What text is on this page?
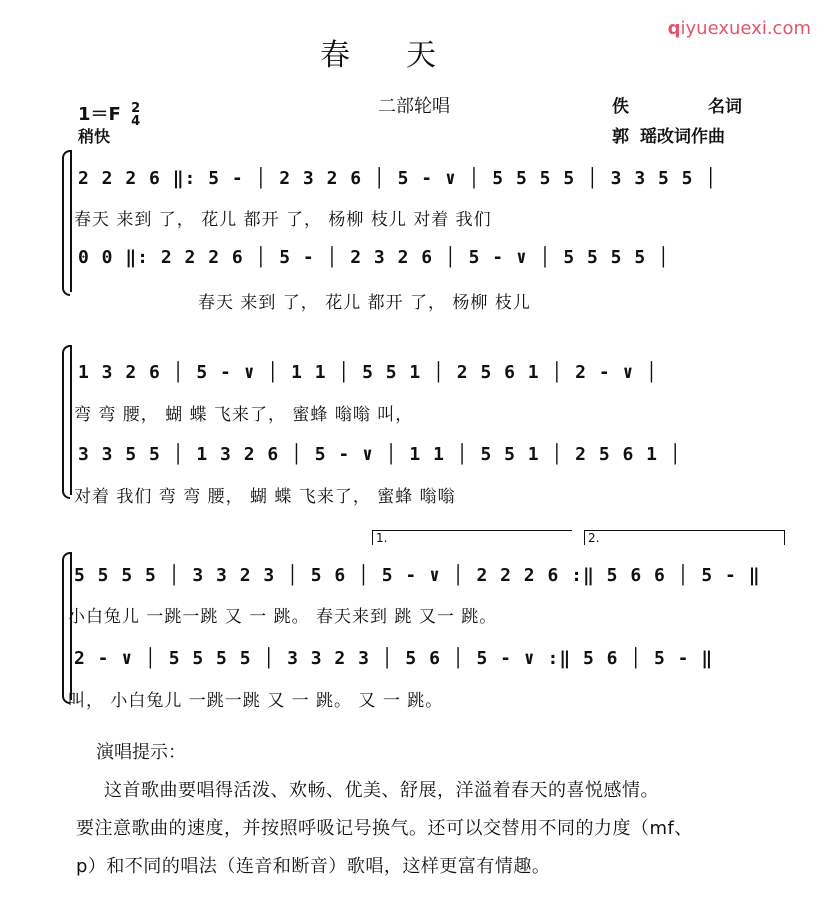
qiyuexuexi.com
春天
二部轮唱
1＝F 2
4
稍快
佚	名词
郭 瑶改词作曲
2 2 2 6 ‖: 5 - │ 2 3 2 6 │ 5 - ∨ │ 5 5 5 5 │ 3 3 5 5 │
春天 来到 了， 花儿 都开 了， 杨柳 枝儿 对着 我们
0 0 ‖: 2 2 2 6 │ 5 - │ 2 3 2 6 │ 5 - ∨ │ 5 5 5 5 │
春天 来到 了， 花儿 都开 了， 杨柳 枝儿
1 3 2 6 │ 5 - ∨ │ 1 1 │ 5 5 1 │ 2 5 6 1 │ 2 - ∨ │
弯 弯 腰， 蝴 蝶 飞来了， 蜜蜂 嗡嗡 叫，
3 3 5 5 │ 1 3 2 6 │ 5 - ∨ │ 1 1 │ 5 5 1 │ 2 5 6 1 │
对着 我们 弯 弯 腰， 蝴 蝶 飞来了， 蜜蜂 嗡嗡
1.	2.
5 5 5 5 │ 3 3 2 3 │ 5 6 │ 5 - ∨ │ 2 2 2 6 :‖ 5 6 6 │ 5 - ‖
小白兔儿 一跳一跳 又 一 跳。 春天来到 跳 又一 跳。
2 - ∨ │ 5 5 5 5 │ 3 3 2 3 │ 5 6 │ 5 - ∨ :‖ 5 6 │ 5 - ‖
叫， 小白兔儿 一跳一跳 又 一 跳。 又 一 跳。
演唱提示：
这首歌曲要唱得活泼、欢畅、优美、舒展，洋溢着春天的喜悦感情。
要注意歌曲的速度，并按照呼吸记号换气。还可以交替用不同的力度（mf、
p）和不同的唱法（连音和断音）歌唱，这样更富有情趣。
